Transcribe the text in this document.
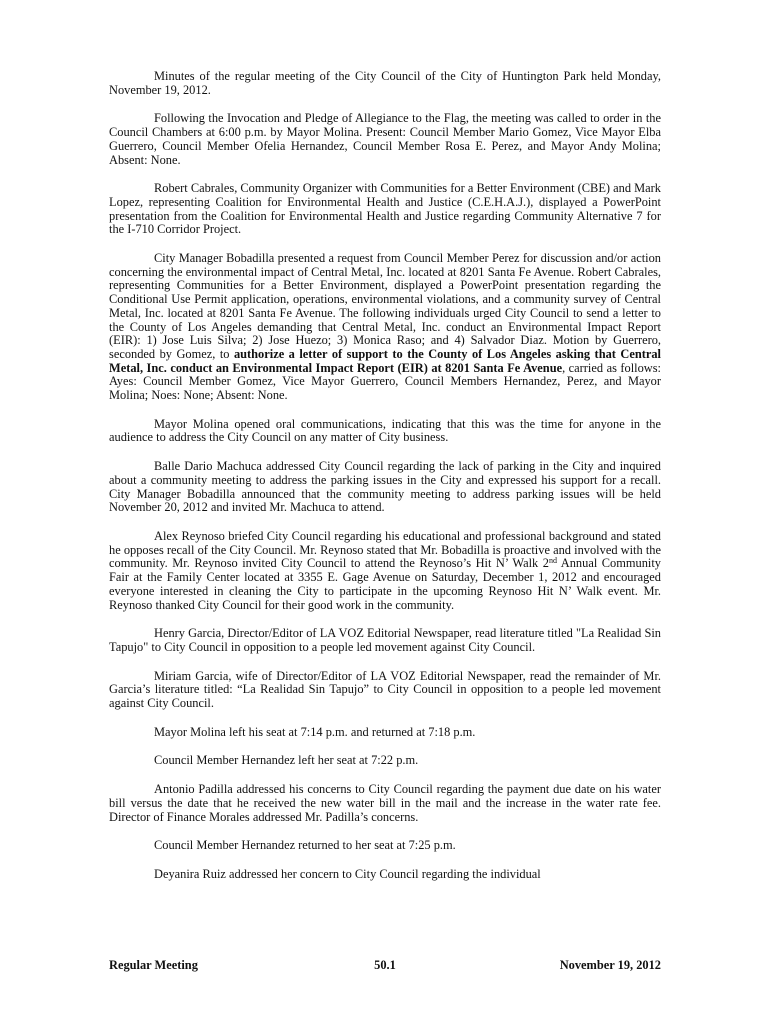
Minutes of the regular meeting of the City Council of the City of Huntington Park held Monday, November 19, 2012.

Following the Invocation and Pledge of Allegiance to the Flag, the meeting was called to order in the Council Chambers at 6:00 p.m. by Mayor Molina. Present: Council Member Mario Gomez, Vice Mayor Elba Guerrero, Council Member Ofelia Hernandez, Council Member Rosa E. Perez, and Mayor Andy Molina; Absent: None.

Robert Cabrales, Community Organizer with Communities for a Better Environment (CBE) and Mark Lopez, representing Coalition for Environmental Health and Justice (C.E.H.A.J.), displayed a PowerPoint presentation from the Coalition for Environmental Health and Justice regarding Community Alternative 7 for the I-710 Corridor Project.

City Manager Bobadilla presented a request from Council Member Perez for discussion and/or action concerning the environmental impact of Central Metal, Inc. located at 8201 Santa Fe Avenue. Robert Cabrales, representing Communities for a Better Environment, displayed a PowerPoint presentation regarding the Conditional Use Permit application, operations, environmental violations, and a community survey of Central Metal, Inc. located at 8201 Santa Fe Avenue. The following individuals urged City Council to send a letter to the County of Los Angeles demanding that Central Metal, Inc. conduct an Environmental Impact Report (EIR): 1) Jose Luis Silva; 2) Jose Huezo; 3) Monica Raso; and 4) Salvador Diaz. Motion by Guerrero, seconded by Gomez, to authorize a letter of support to the County of Los Angeles asking that Central Metal, Inc. conduct an Environmental Impact Report (EIR) at 8201 Santa Fe Avenue, carried as follows: Ayes: Council Member Gomez, Vice Mayor Guerrero, Council Members Hernandez, Perez, and Mayor Molina; Noes: None; Absent: None.

Mayor Molina opened oral communications, indicating that this was the time for anyone in the audience to address the City Council on any matter of City business.

Balle Dario Machuca addressed City Council regarding the lack of parking in the City and inquired about a community meeting to address the parking issues in the City and expressed his support for a recall. City Manager Bobadilla announced that the community meeting to address parking issues will be held November 20, 2012 and invited Mr. Machuca to attend.

Alex Reynoso briefed City Council regarding his educational and professional background and stated he opposes recall of the City Council. Mr. Reynoso stated that Mr. Bobadilla is proactive and involved with the community. Mr. Reynoso invited City Council to attend the Reynoso’s Hit N’ Walk 2nd Annual Community Fair at the Family Center located at 3355 E. Gage Avenue on Saturday, December 1, 2012 and encouraged everyone interested in cleaning the City to participate in the upcoming Reynoso Hit N’ Walk event. Mr. Reynoso thanked City Council for their good work in the community.

Henry Garcia, Director/Editor of LA VOZ Editorial Newspaper, read literature titled "La Realidad Sin Tapujo" to City Council in opposition to a people led movement against City Council.

Miriam Garcia, wife of Director/Editor of LA VOZ Editorial Newspaper, read the remainder of Mr. Garcia’s literature titled: “La Realidad Sin Tapujo” to City Council in opposition to a people led movement against City Council.

Mayor Molina left his seat at 7:14 p.m. and returned at 7:18 p.m.

Council Member Hernandez left her seat at 7:22 p.m.

Antonio Padilla addressed his concerns to City Council regarding the payment due date on his water bill versus the date that he received the new water bill in the mail and the increase in the water rate fee. Director of Finance Morales addressed Mr. Padilla’s concerns.

Council Member Hernandez returned to her seat at 7:25 p.m.

Deyanira Ruiz addressed her concern to City Council regarding the individual

Regular Meeting	50.1	November 19, 2012
